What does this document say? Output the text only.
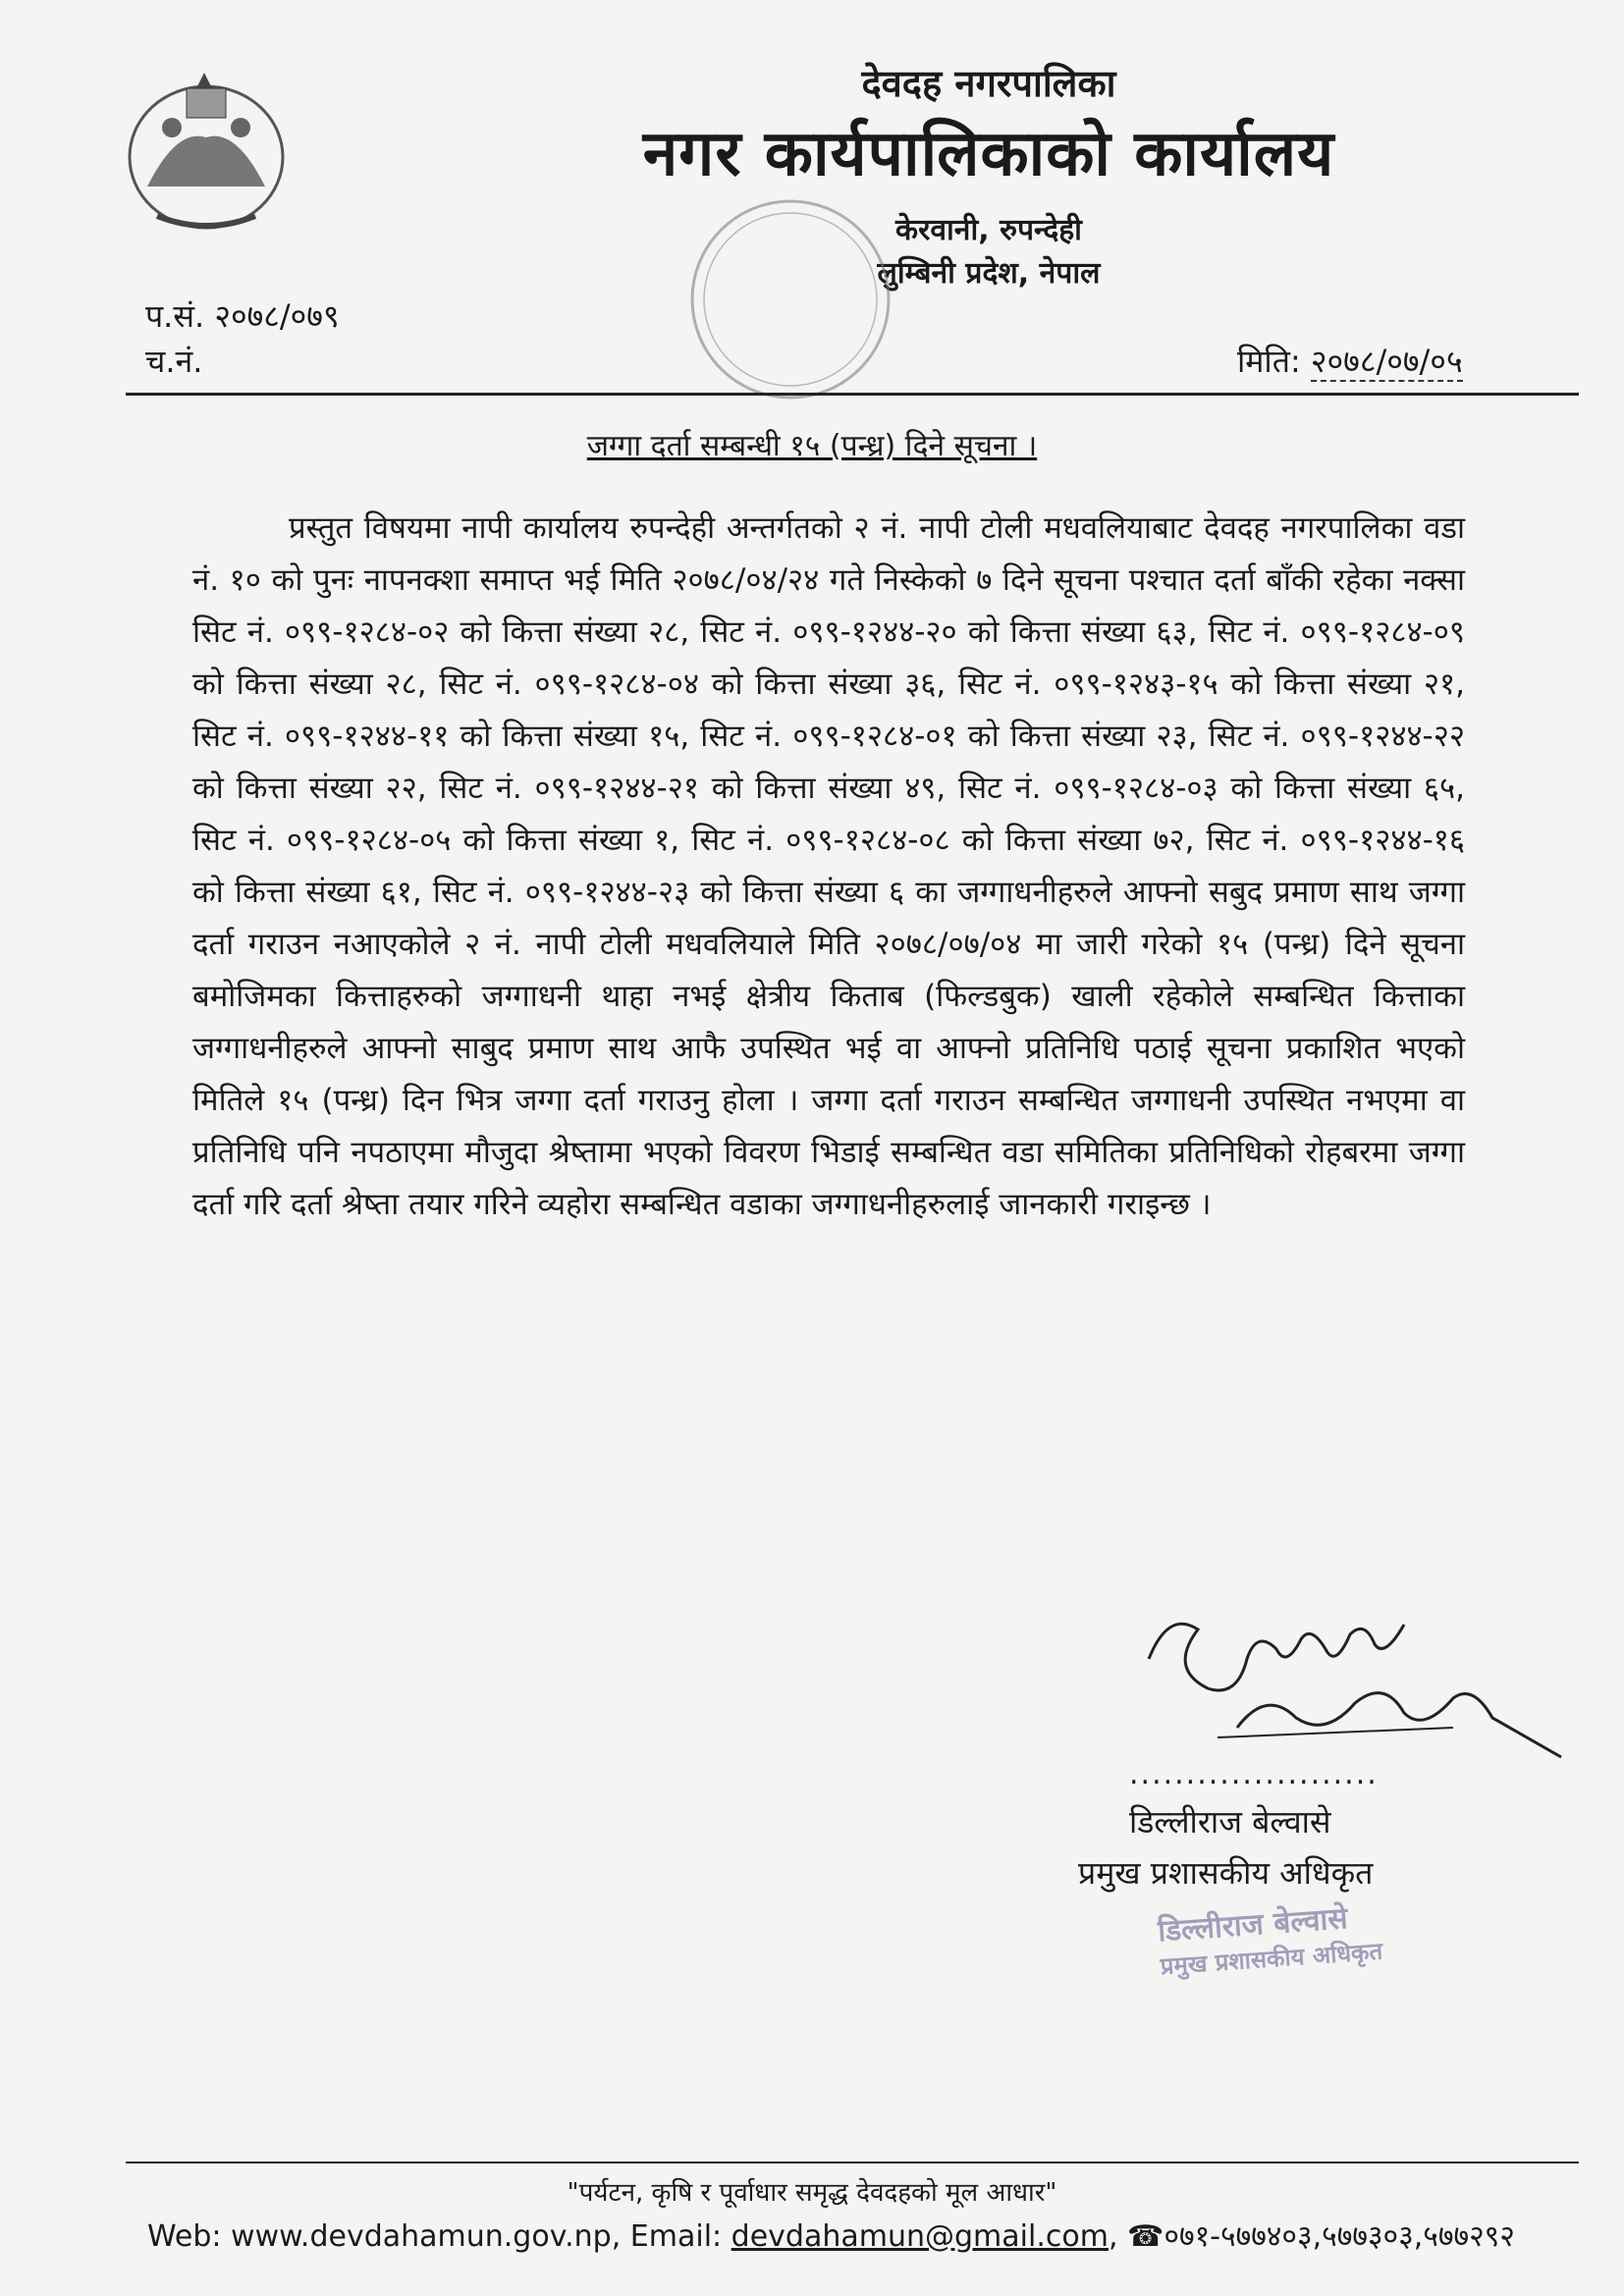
देवदह नगरपालिका
नगर कार्यपालिकाको कार्यालय
केरवानी, रुपन्देही
लुम्बिनी प्रदेश, नेपाल
प.सं. २०७८/०७९
च.नं.	मिति: २०७८/०७/०५
जग्गा दर्ता सम्बन्धी १५ (पन्ध्र) दिने सूचना ।
प्रस्तुत विषयमा नापी कार्यालय रुपन्देही अन्तर्गतको २ नं. नापी टोली मधवलियाबाट देवदह नगरपालिका वडा नं. १० को पुनः नापनक्शा समाप्त भई मिति २०७८/०४/२४ गते निस्केको ७ दिने सूचना पश्चात दर्ता बाँकी रहेका नक्सा सिट नं. ०९९-१२८४-०२ को कित्ता संख्या २८, सिट नं. ०९९-१२४४-२० को कित्ता संख्या ६३, सिट नं. ०९९-१२८४-०९ को कित्ता संख्या २८, सिट नं. ०९९-१२८४-०४ को कित्ता संख्या ३६, सिट नं. ०९९-१२४३-१५ को कित्ता संख्या २१, सिट नं. ०९९-१२४४-११ को कित्ता संख्या १५, सिट नं. ०९९-१२८४-०१ को कित्ता संख्या २३, सिट नं. ०९९-१२४४-२२ को कित्ता संख्या २२, सिट नं. ०९९-१२४४-२१ को कित्ता संख्या ४९, सिट नं. ०९९-१२८४-०३ को कित्ता संख्या ६५, सिट नं. ०९९-१२८४-०५ को कित्ता संख्या १, सिट नं. ०९९-१२८४-०८ को कित्ता संख्या ७२, सिट नं. ०९९-१२४४-१६ को कित्ता संख्या ६१, सिट नं. ०९९-१२४४-२३ को कित्ता संख्या ६ का जग्गाधनीहरुले आफ्नो सबुद प्रमाण साथ जग्गा दर्ता गराउन नआएकोले २ नं. नापी टोली मधवलियाले मिति २०७८/०७/०४ मा जारी गरेको १५ (पन्ध्र) दिने सूचना बमोजिमका कित्ताहरुको जग्गाधनी थाहा नभई क्षेत्रीय किताब (फिल्डबुक) खाली रहेकोले सम्बन्धित कित्ताका जग्गाधनीहरुले आफ्नो साबुद प्रमाण साथ आफै उपस्थित भई वा आफ्नो प्रतिनिधि पठाई सूचना प्रकाशित भएको मितिले १५ (पन्ध्र) दिन भित्र जग्गा दर्ता गराउनु होला । जग्गा दर्ता गराउन सम्बन्धित जग्गाधनी उपस्थित नभएमा वा प्रतिनिधि पनि नपठाएमा मौजुदा श्रेष्तामा भएको विवरण भिडाई सम्बन्धित वडा समितिका प्रतिनिधिको रोहबरमा जग्गा दर्ता गरि दर्ता श्रेष्ता तयार गरिने व्यहोरा सम्बन्धित वडाका जग्गाधनीहरुलाई जानकारी गराइन्छ ।
......................
डिल्लीराज बेल्वासे
प्रमुख प्रशासकीय अधिकृत
डिल्लीराज बेल्वासे
प्रमुख प्रशासकीय अधिकृत
"पर्यटन, कृषि र पूर्वाधार समृद्ध देवदहको मूल आधार"
Web: www.devdahamun.gov.np, Email: devdahamun@gmail.com, ☎०७१-५७७४०३,५७७३०३,५७७२९२
